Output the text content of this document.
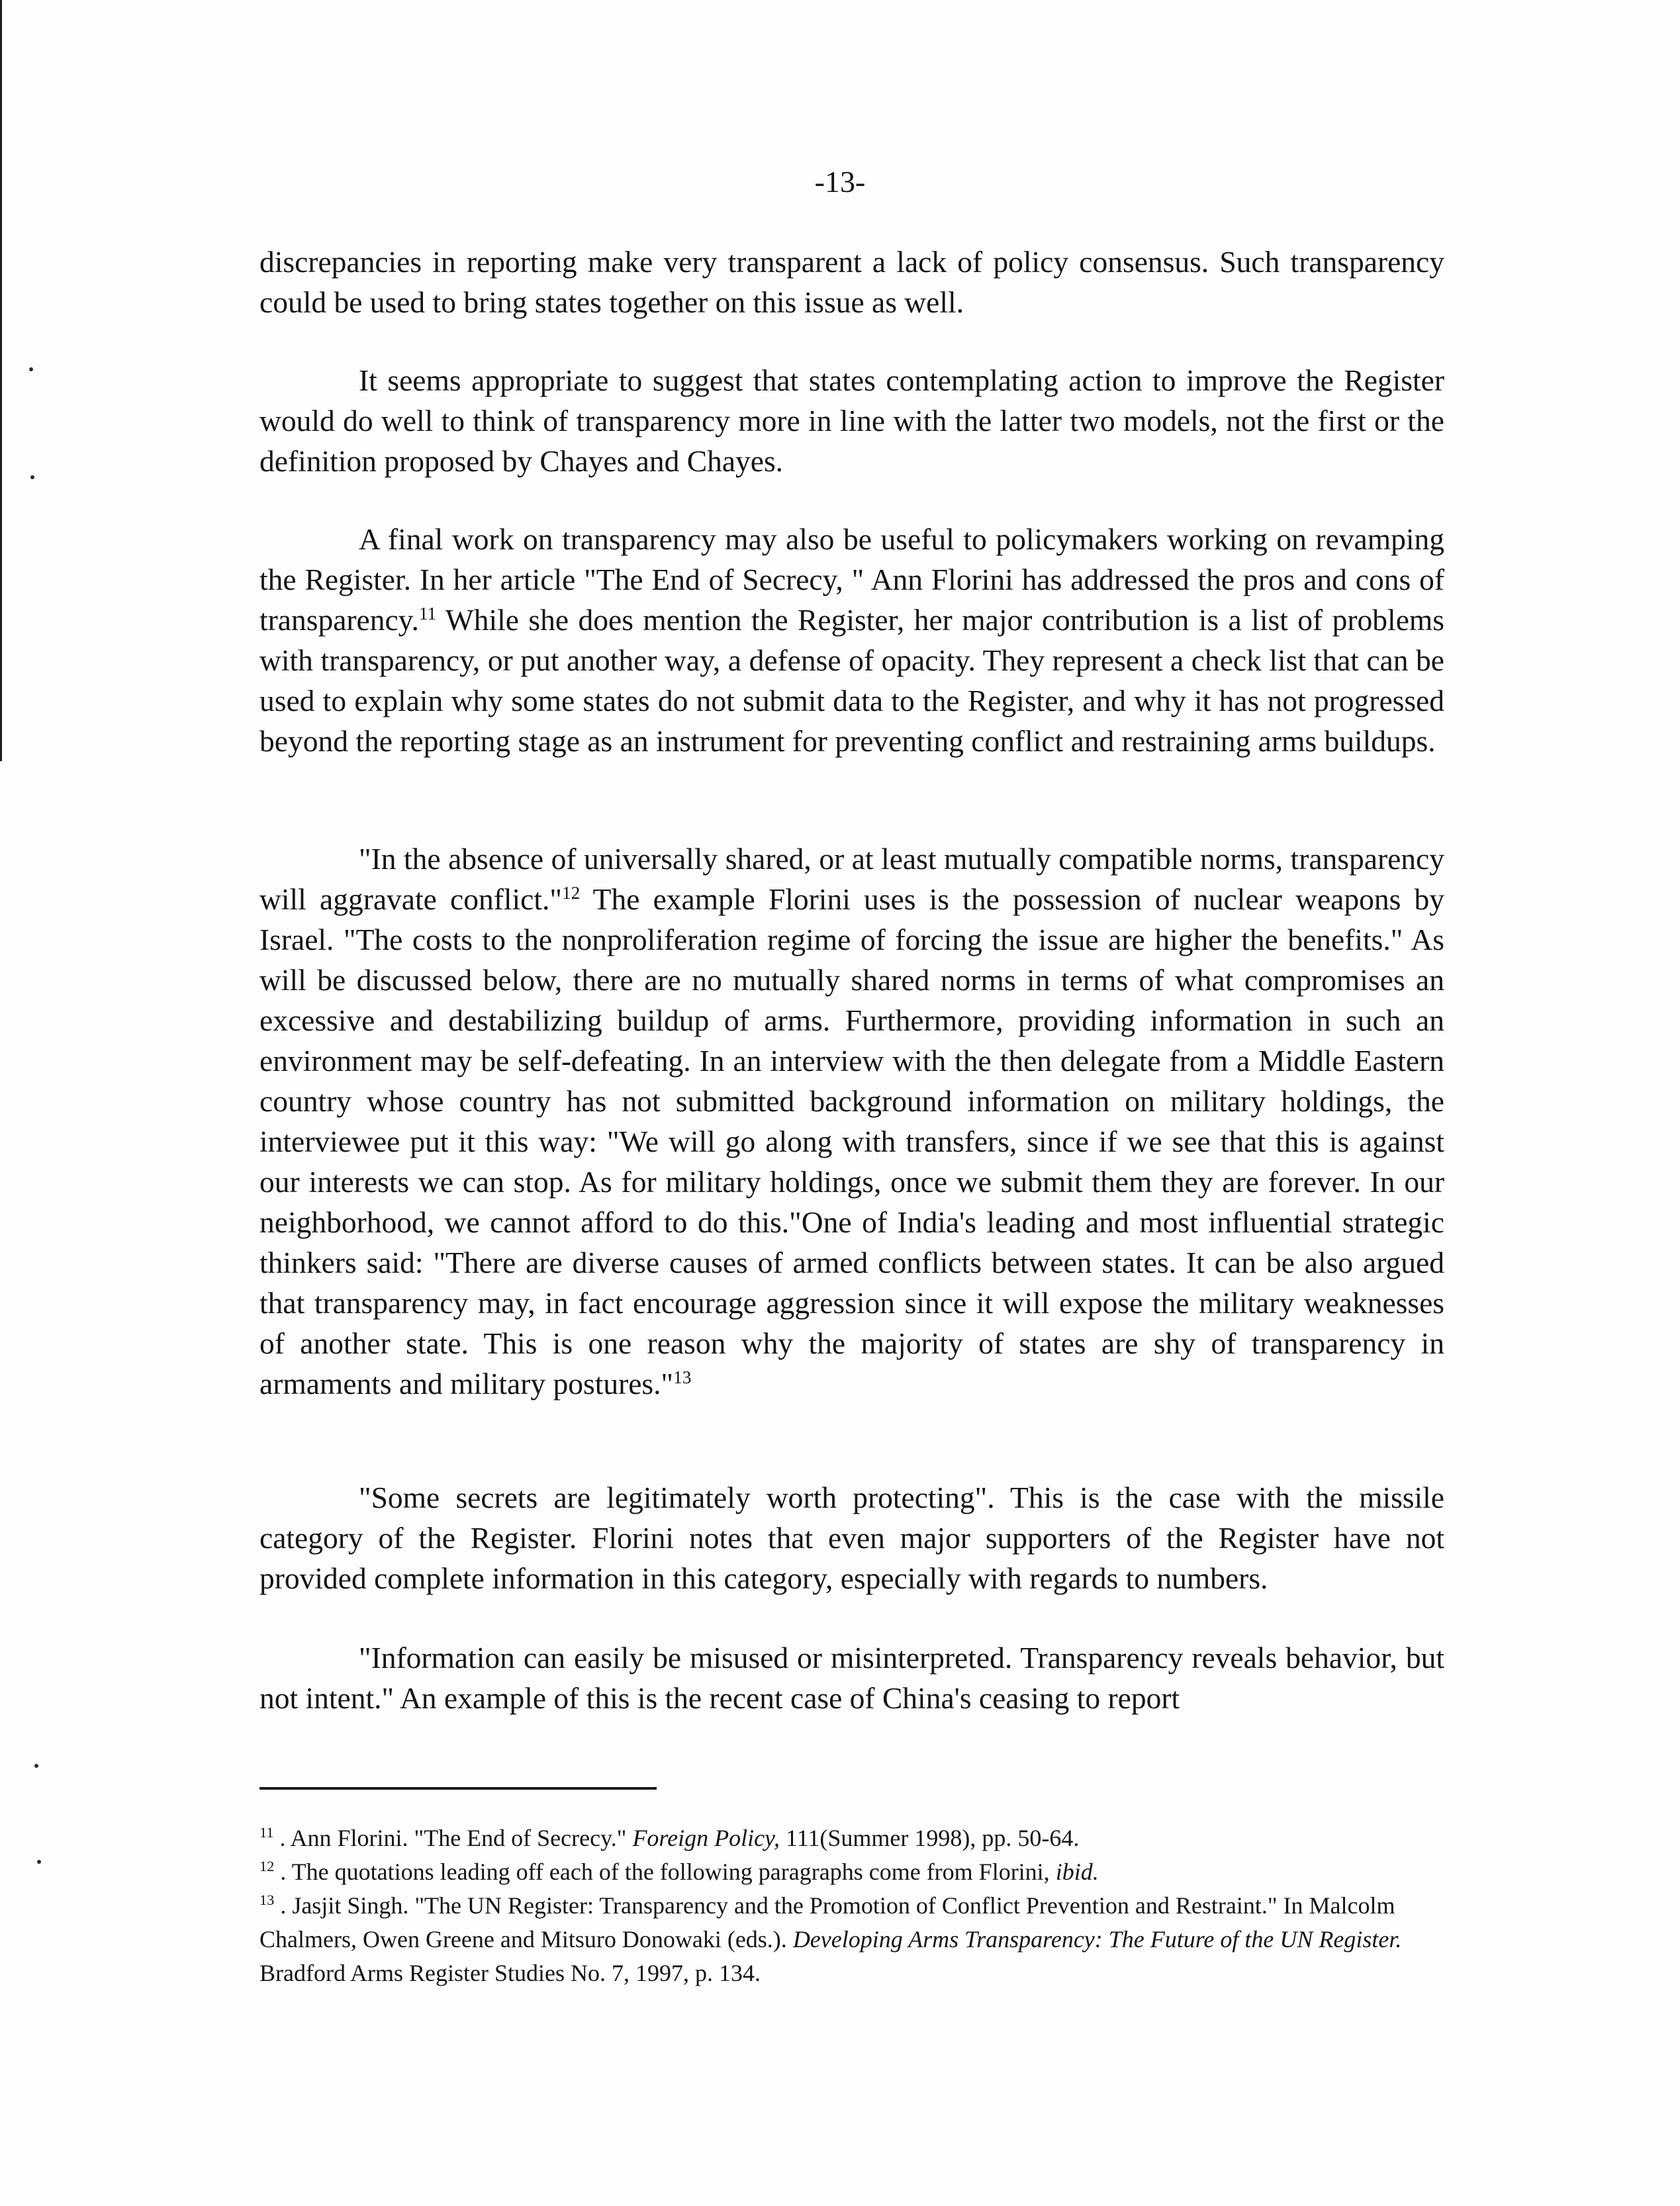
-13-

discrepancies in reporting make very transparent a lack of policy consensus. Such transparency could be used to bring states together on this issue as well.

It seems appropriate to suggest that states contemplating action to improve the Register would do well to think of transparency more in line with the latter two models, not the first or the definition proposed by Chayes and Chayes.

A final work on transparency may also be useful to policymakers working on revamping the Register. In her article "The End of Secrecy, " Ann Florini has addressed the pros and cons of transparency.$^{11}$ While she does mention the Register, her major contribution is a list of problems with transparency, or put another way, a defense of opacity. They represent a check list that can be used to explain why some states do not submit data to the Register, and why it has not progressed beyond the reporting stage as an instrument for preventing conflict and restraining arms buildups.

"In the absence of universally shared, or at least mutually compatible norms, transparency will aggravate conflict."$^{12}$ The example Florini uses is the possession of nuclear weapons by Israel. "The costs to the nonproliferation regime of forcing the issue are higher the benefits." As will be discussed below, there are no mutually shared norms in terms of what compromises an excessive and destabilizing buildup of arms. Furthermore, providing information in such an environment may be self-defeating. In an interview with the then delegate from a Middle Eastern country whose country has not submitted background information on military holdings, the interviewee put it this way: "We will go along with transfers, since if we see that this is against our interests we can stop. As for military holdings, once we submit them they are forever. In our neighborhood, we cannot afford to do this."One of India's leading and most influential strategic thinkers said: "There are diverse causes of armed conflicts between states. It can be also argued that transparency may, in fact encourage aggression since it will expose the military weaknesses of another state. This is one reason why the majority of states are shy of transparency in armaments and military postures."$^{13}$

"Some secrets are legitimately worth protecting". This is the case with the missile category of the Register. Florini notes that even major supporters of the Register have not provided complete information in this category, especially with regards to numbers.

"Information can easily be misused or misinterpreted. Transparency reveals behavior, but not intent." An example of this is the recent case of China's ceasing to report

$^{11}$ . Ann Florini. "The End of Secrecy." Foreign Policy, 111(Summer 1998), pp. 50-64.

$^{12}$ . The quotations leading off each of the following paragraphs come from Florini, ibid.

$^{13}$ . Jasjit Singh. "The UN Register: Transparency and the Promotion of Conflict Prevention and Restraint." In Malcolm Chalmers, Owen Greene and Mitsuro Donowaki (eds.). Developing Arms Transparency: The Future of the UN Register. Bradford Arms Register Studies No. 7, 1997, p. 134.
